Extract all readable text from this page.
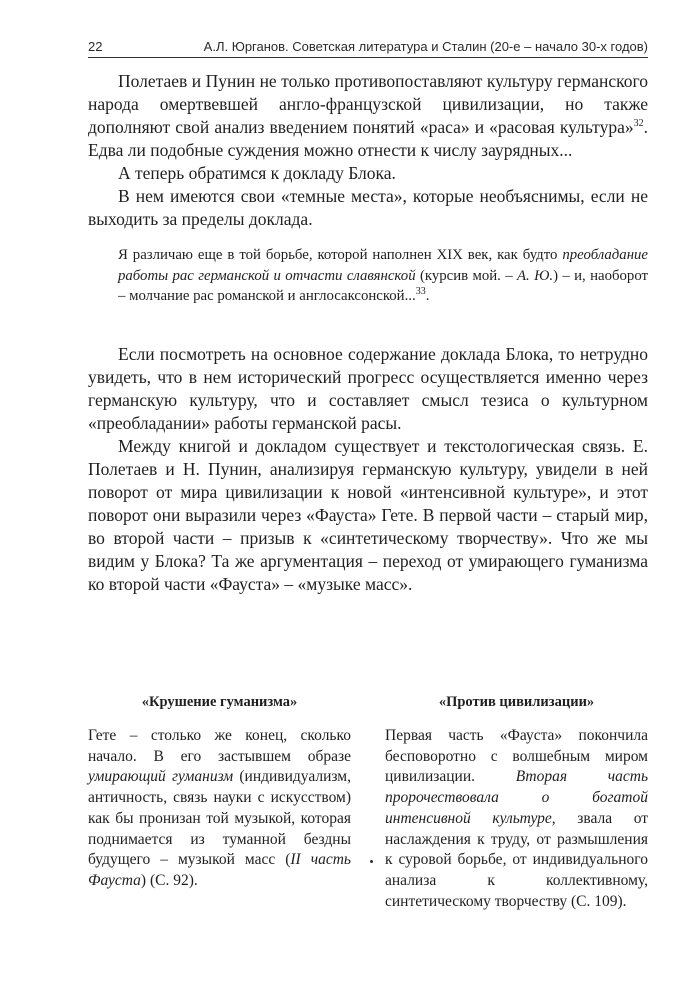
22	А.Л. Юрганов. Советская литература и Сталин (20-е – начало 30-х годов)

Полетаев и Пунин не только противопоставляют культуру германского народа омертвевшей англо-французской цивилизации, но также дополняют свой анализ введением понятий «раса» и «расовая культура»$^{32}$. Едва ли подобные суждения можно отнести к числу заурядных...

А теперь обратимся к докладу Блока.

В нем имеются свои «темные места», которые необъяснимы, если не выходить за пределы доклада.

Я различаю еще в той борьбе, которой наполнен XIX век, как будто преобладание работы рас германской и отчасти славянской (курсив мой. – А. Ю.) – и, наоборот – молчание рас романской и англосаксонской...$^{33}$.

Если посмотреть на основное содержание доклада Блока, то нетрудно увидеть, что в нем исторический прогресс осуществляется именно через германскую культуру, что и составляет смысл тезиса о культурном «преобладании» работы германской расы.

Между книгой и докладом существует и текстологическая связь. Е. Полетаев и Н. Пунин, анализируя германскую культуру, увидели в ней поворот от мира цивилизации к новой «интенсивной культуре», и этот поворот они выразили через «Фауста» Гете. В первой части – старый мир, во второй части – призыв к «синтетическому творчеству». Что же мы видим у Блока? Та же аргументация – переход от умирающего гуманизма ко второй части «Фауста» – «музыке масс».

«Крушение гуманизма»

Гете – столько же конец, сколько начало. В его застывшем образе умирающий гуманизм (индивидуализм, античность, связь науки с искусством) как бы пронизан той музыкой, которая поднимается из туманной бездны будущего – музыкой масс (II часть Фауста) (С. 92).

«Против цивилизации»

Первая часть «Фауста» покончила бесповоротно с волшебным миром цивилизации. Вторая часть пророчествовала о богатой интенсивной культуре, звала от наслаждения к труду, от размышления к суровой борьбе, от индивидуального анализа к коллективному, синтетическому творчеству (С. 109).
